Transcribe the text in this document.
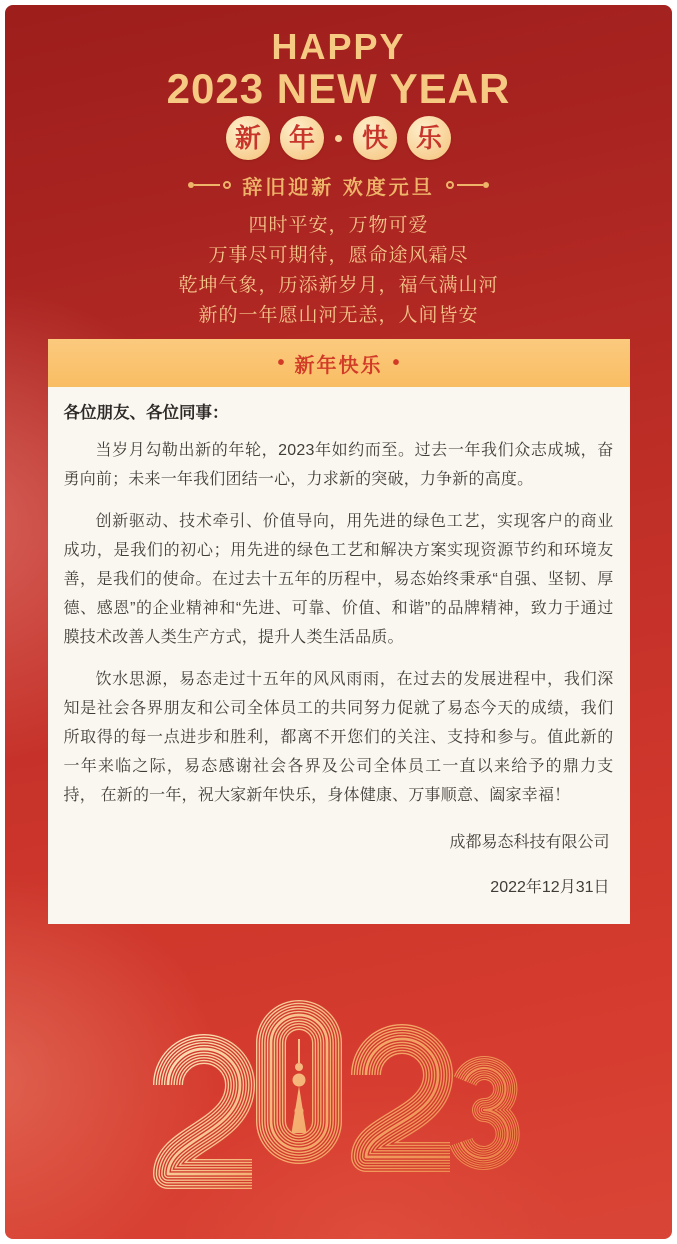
HAPPY
2023 NEW YEAR
新 年 快 乐
辞旧迎新 欢度元旦
四时平安，万物可爱
万事尽可期待，愿命途风霜尽
乾坤气象，历添新岁月，福气满山河
新的一年愿山河无恙，人间皆安
• 新年快乐 •

各位朋友、各位同事：

当岁月勾勒出新的年轮，2023年如约而至。过去一年我们众志成城，奋勇向前；未来一年我们团结一心，力求新的突破，力争新的高度。

创新驱动、技术牵引、价值导向，用先进的绿色工艺，实现客户的商业成功，是我们的初心；用先进的绿色工艺和解决方案实现资源节约和环境友善，是我们的使命。在过去十五年的历程中，易态始终秉承“自强、坚韧、厚德、感恩”的企业精神和“先进、可靠、价值、和谐”的品牌精神，致力于通过膜技术改善人类生产方式，提升人类生活品质。

饮水思源，易态走过十五年的风风雨雨，在过去的发展进程中，我们深知是社会各界朋友和公司全体员工的共同努力促就了易态今天的成绩，我们所取得的每一点进步和胜利，都离不开您们的关注、支持和参与。值此新的一年来临之际，易态感谢社会各界及公司全体员工一直以来给予的鼎力支持， 在新的一年，祝大家新年快乐，身体健康、万事顺意、阖家幸福！

成都易态科技有限公司

2022年12月31日
